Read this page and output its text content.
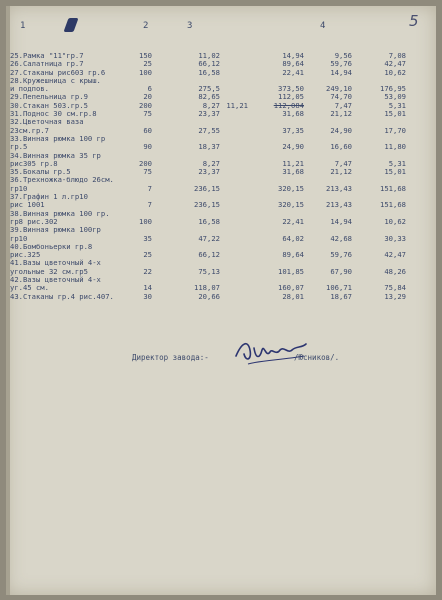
5
1	2	3	4
25.Рамка "11"гр.7	150	11,02	14,94	9,56	7,08
26.Салатница гр.7	25	66,12	89,64	59,76	42,47
27.Стаканы рис603 гр.6	100	16,58	22,41	14,94	10,62
28.Кружешница с крыш.
и подпов.	6	275,5	373,50	249,10	176,95
29.Пепельница гр.9	20	82,65	112,05	74,70	53,09
30.Стакан 503.гр.5	200	8,27 11,21	112,084	7,47	5,31
31.Поднос 30 см.гр.8	75	23,37	31,68	21,12	15,01
32.Цветочная ваза
23см.гр.7	60	27,55	37,35	24,90	17,70
33.Винная рюмка 100 гр
гр.5	90	18,37	24,90	16,60	11,80
34.Винная рюмка 35 гр
рис305 гр.8	200	8,27	11,21	7,47	5,31
35.Бокалы гр.5	75	23,37	31,68	21,12	15,01
36.Трехножка-блюдо 26см.
гр10	7	236,15	320,15	213,43	151,68
37.Графин 1 л.гр10
рис 1001	7	236,15	320,15	213,43	151,68
38.Винная рюмка 100 гр.
гр8 рис.302	100	16,58	22,41	14,94	10,62
39.Винная рюмка 100гр
гр10	35	47,22	64,02	42,68	30,33
40.Бомбоньерки гр.8
рис.325	25	66,12	89,64	59,76	42,47
41.Вазы цветочный 4-х
угольные 32 см.гр5	22	75,13	101,85	67,90	48,26
42.Вазы цветочный 4-х
уг.45 см.	14	118,07	160,07	106,71	75,84
43.Стаканы гр.4 рис.407.	30	20,66	28,01	18,67	13,29
Директор завода:-	/Юсников/.
